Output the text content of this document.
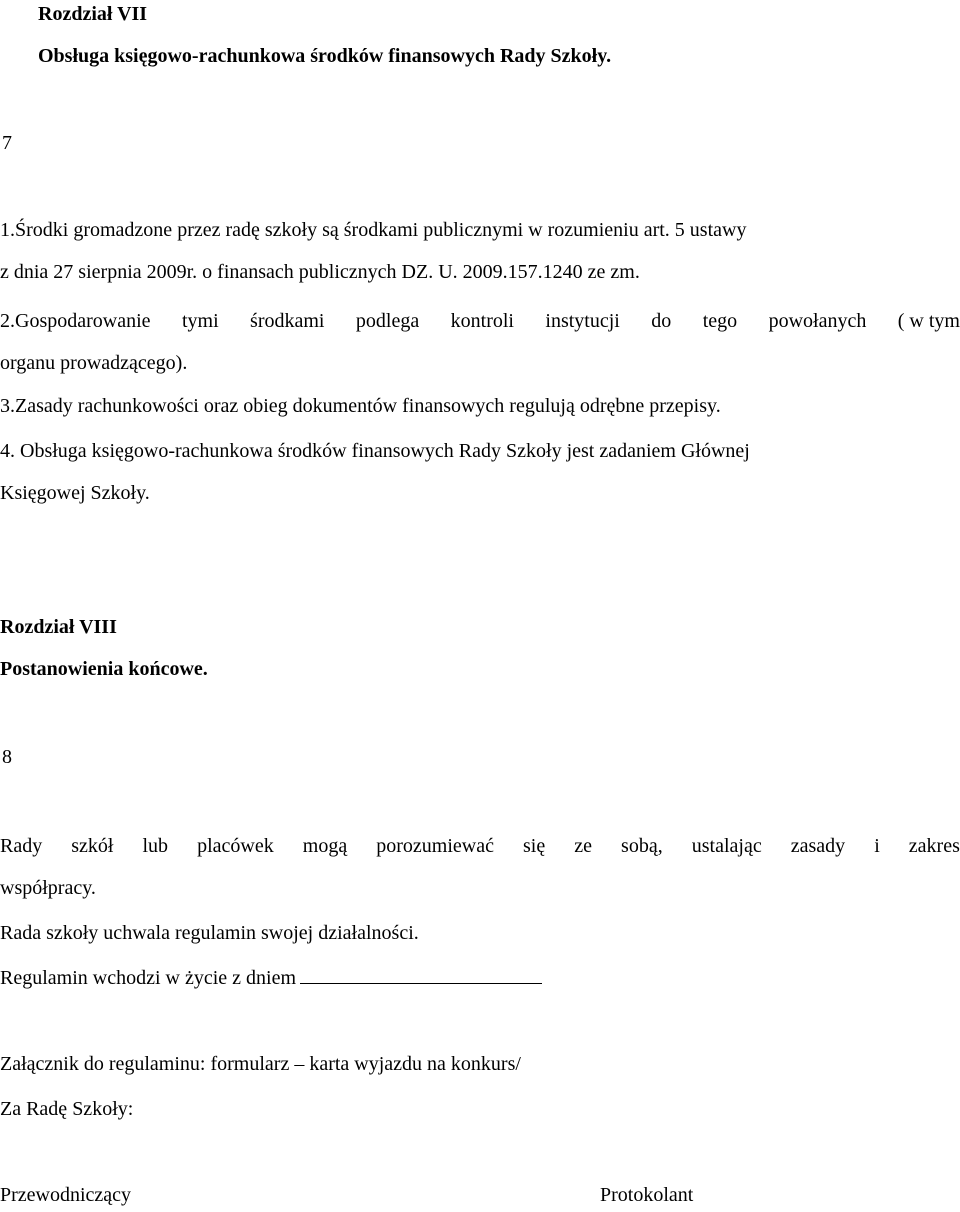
Rozdział VII
Obsługa księgowo-rachunkowa środków finansowych Rady Szkoły.
7
1.Środki gromadzone przez radę szkoły są środkami publicznymi w rozumieniu art. 5 ustawy
z dnia 27 sierpnia 2009r. o finansach publicznych DZ. U. 2009.157.1240 ze zm.
2.Gospodarowanie tymi środkami podlega kontroli instytucji do tego powołanych ( w tym
organu prowadzącego).
3.Zasady rachunkowości oraz obieg dokumentów finansowych regulują odrębne przepisy.
4. Obsługa księgowo-rachunkowa środków finansowych Rady Szkoły jest zadaniem Głównej
Księgowej Szkoły.
Rozdział VIII
Postanowienia końcowe.
8
Rady szkół lub placówek mogą porozumiewać się ze sobą, ustalając zasady i zakres
współpracy.
Rada szkoły uchwala regulamin swojej działalności.
Regulamin wchodzi w życie z dniem
Załącznik do regulaminu: formularz – karta wyjazdu na konkurs/
Za Radę Szkoły:
Przewodniczący	Protokolant
